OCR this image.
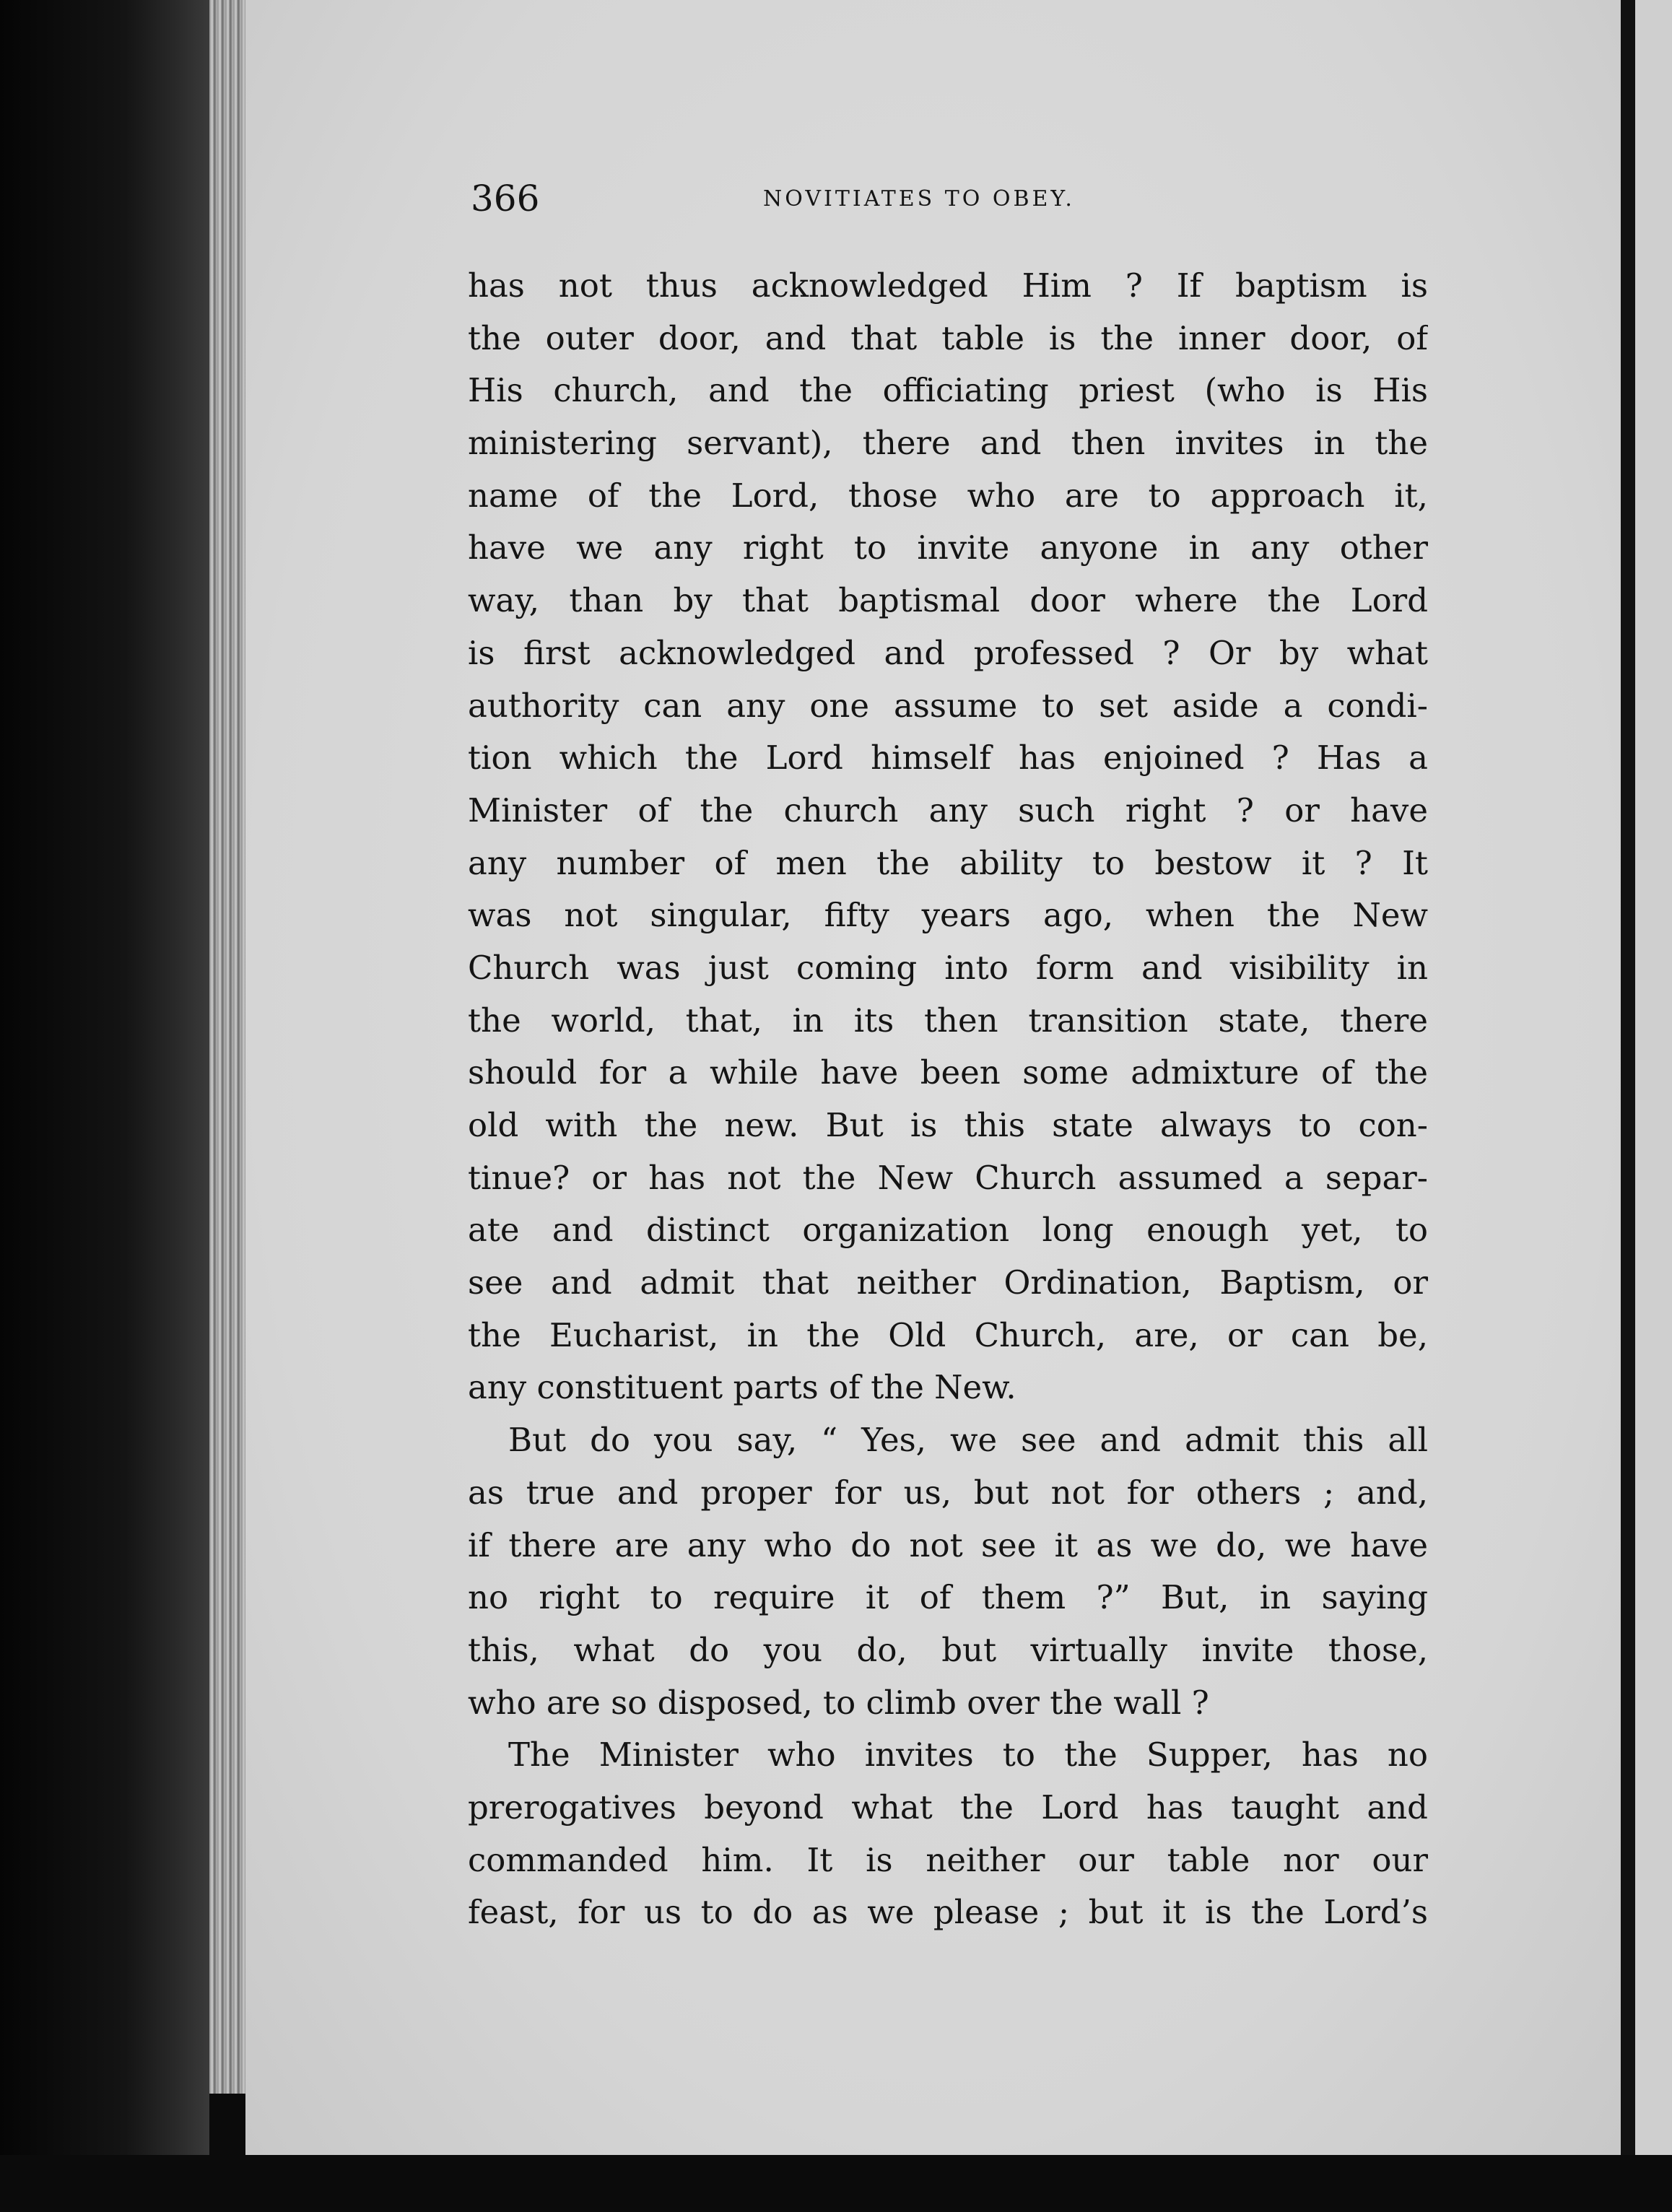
366	NOVITIATES TO OBEY.
has not thus acknowledged Him ? If baptism is
the outer door, and that table is the inner door, of
His church, and the officiating priest (who is His
ministering servant), there and then invites in the
name of the Lord, those who are to approach it,
have we any right to invite anyone in any other
way, than by that baptismal door where the Lord
is first acknowledged and professed ? Or by what
authority can any one assume to set aside a condi-
tion which the Lord himself has enjoined ? Has a
Minister of the church any such right ? or have
any number of men the ability to bestow it ? It
was not singular, fifty years ago, when the New
Church was just coming into form and visibility in
the world, that, in its then transition state, there
should for a while have been some admixture of the
old with the new. But is this state always to con-
tinue? or has not the New Church assumed a separ-
ate and distinct organization long enough yet, to
see and admit that neither Ordination, Baptism, or
the Eucharist, in the Old Church, are, or can be,
any constituent parts of the New.
But do you say, “ Yes, we see and admit this all
as true and proper for us, but not for others ; and,
if there are any who do not see it as we do, we have
no right to require it of them ?” But, in saying
this, what do you do, but virtually invite those,
who are so disposed, to climb over the wall ?
The Minister who invites to the Supper, has no
prerogatives beyond what the Lord has taught and
commanded him. It is neither our table nor our
feast, for us to do as we please ; but it is the Lord’s
